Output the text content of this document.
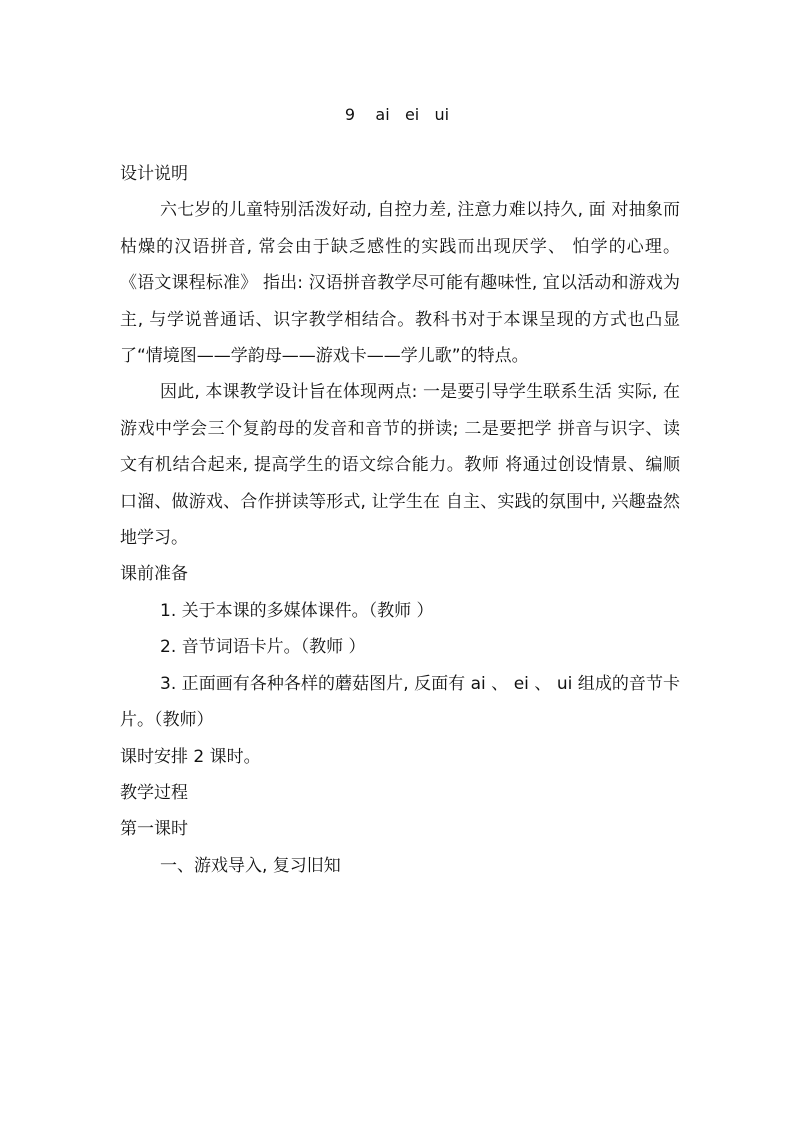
9    ai   ei   ui

设计说明

六七岁的儿童特别活泼好动, 自控力差, 注意力难以持久, 面 对抽象而枯燥的汉语拼音, 常会由于缺乏感性的实践而出现厌学、 怕学的心理。 《语文课程标准》 指出: 汉语拼音教学尽可能有趣味性, 宜以活动和游戏为主, 与学说普通话、识字教学相结合。教科书对于本课呈现的方式也凸显了“情境图——学韵母——游戏卡——学儿歌”的特点。

因此, 本课教学设计旨在体现两点: 一是要引导学生联系生活 实际, 在游戏中学会三个复韵母的发音和音节的拼读; 二是要把学 拼音与识字、读文有机结合起来, 提高学生的语文综合能力。教师 将通过创设情景、编顺口溜、做游戏、合作拼读等形式, 让学生在 自主、实践的氛围中, 兴趣盎然地学习。

课前准备

1. 关于本课的多媒体课件。（教师 ）

2. 音节词语卡片。（教师 ）

3. 正面画有各种各样的蘑菇图片, 反面有 ai 、 ei 、 ui 组成的音节卡片。（教师）

课时安排 2 课时。

教学过程

第一课时

一、游戏导入, 复习旧知
